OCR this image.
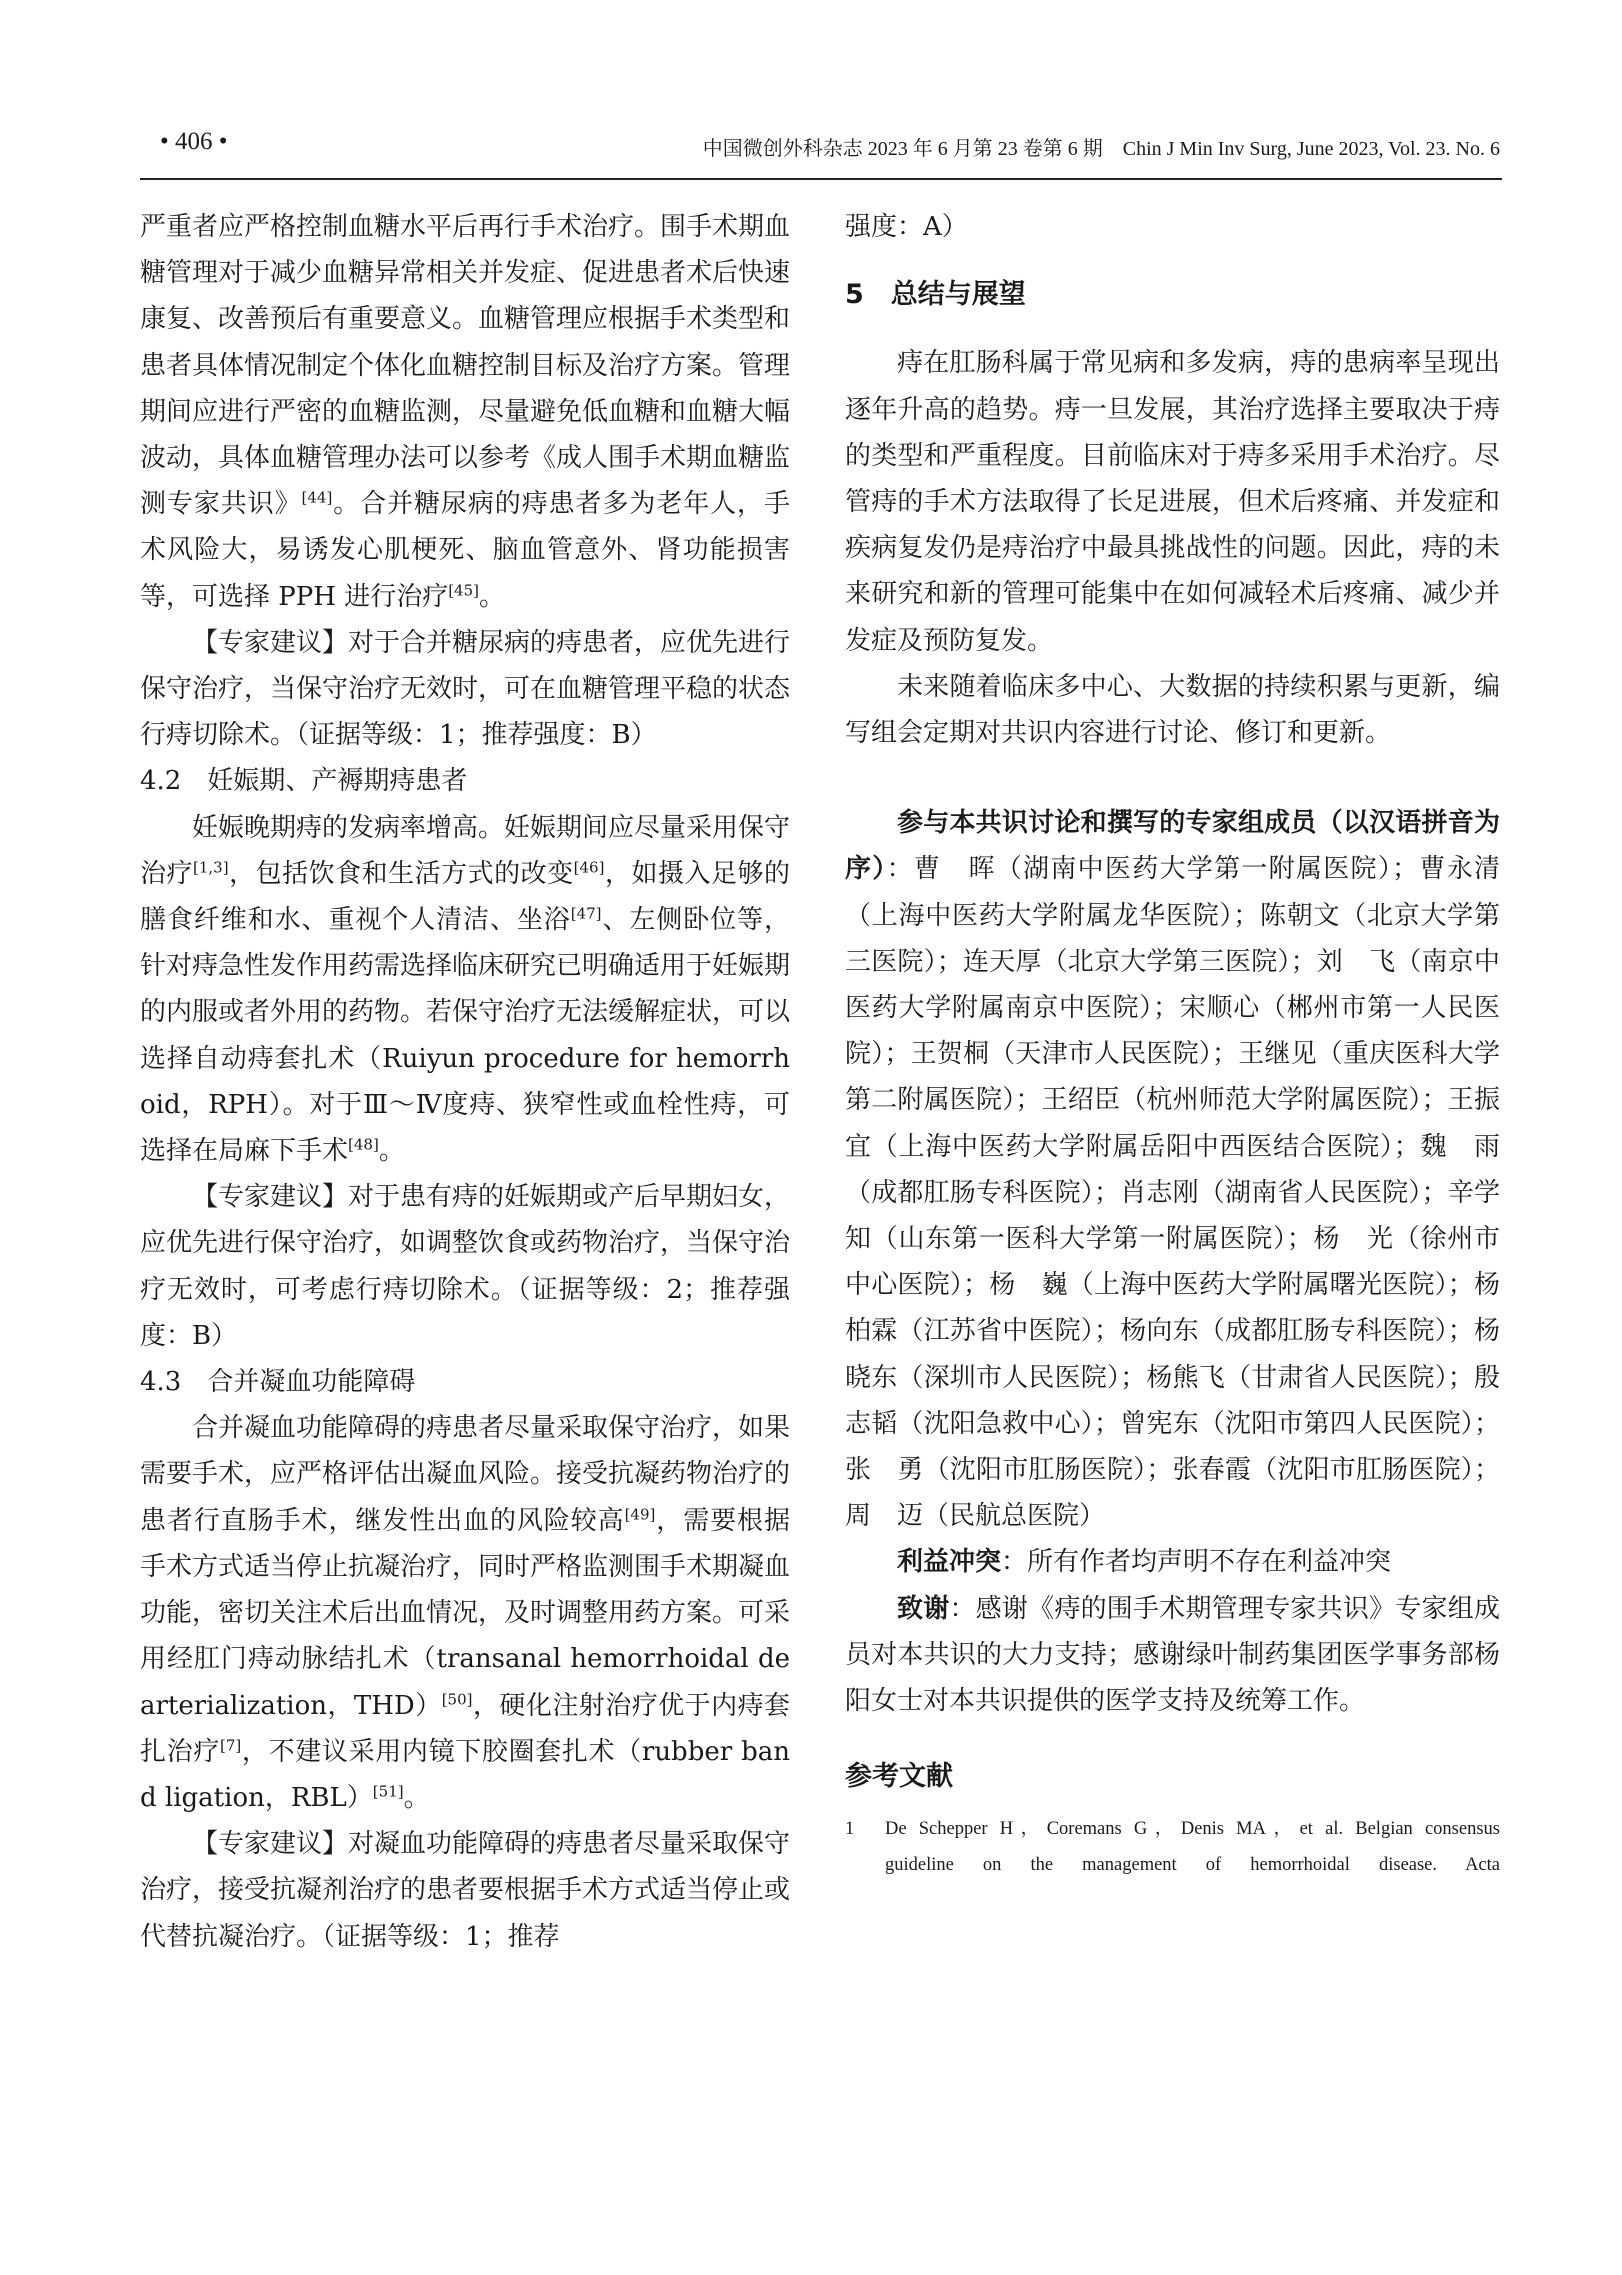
• 406 •	中国微创外科杂志 2023 年 6 月第 23 卷第 6 期　Chin J Min Inv Surg, June 2023, Vol. 23. No. 6

严重者应严格控制血糖水平后再行手术治疗。围手术期血糖管理对于减少血糖异常相关并发症、促进患者术后快速康复、改善预后有重要意义。血糖管理应根据手术类型和患者具体情况制定个体化血糖控制目标及治疗方案。管理期间应进行严密的血糖监测，尽量避免低血糖和血糖大幅波动，具体血糖管理办法可以参考《成人围手术期血糖监测专家共识》[44]。合并糖尿病的痔患者多为老年人，手术风险大，易诱发心肌梗死、脑血管意外、肾功能损害等，可选择 PPH 进行治疗[45]。

【专家建议】对于合并糖尿病的痔患者，应优先进行保守治疗，当保守治疗无效时，可在血糖管理平稳的状态行痔切除术。（证据等级：1；推荐强度：B）

4.2　妊娠期、产褥期痔患者

妊娠晚期痔的发病率增高。妊娠期间应尽量采用保守治疗[1,3]，包括饮食和生活方式的改变[46]，如摄入足够的膳食纤维和水、重视个人清洁、坐浴[47]、左侧卧位等，针对痔急性发作用药需选择临床研究已明确适用于妊娠期的内服或者外用的药物。若保守治疗无法缓解症状，可以选择自动痔套扎术（Ruiyun procedure for hemorrhoid，RPH）。对于Ⅲ～Ⅳ度痔、狭窄性或血栓性痔，可选择在局麻下手术[48]。

【专家建议】对于患有痔的妊娠期或产后早期妇女，应优先进行保守治疗，如调整饮食或药物治疗，当保守治疗无效时，可考虑行痔切除术。（证据等级：2；推荐强度：B）

4.3　合并凝血功能障碍

合并凝血功能障碍的痔患者尽量采取保守治疗，如果需要手术，应严格评估出凝血风险。接受抗凝药物治疗的患者行直肠手术，继发性出血的风险较高[49]，需要根据手术方式适当停止抗凝治疗，同时严格监测围手术期凝血功能，密切关注术后出血情况，及时调整用药方案。可采用经肛门痔动脉结扎术（transanal hemorrhoidal dearterialization，THD）[50]，硬化注射治疗优于内痔套扎治疗[7]，不建议采用内镜下胶圈套扎术（rubber band ligation，RBL）[51]。

【专家建议】对凝血功能障碍的痔患者尽量采取保守治疗，接受抗凝剂治疗的患者要根据手术方式适当停止或代替抗凝治疗。（证据等级：1；推荐

强度：A）

5　总结与展望

痔在肛肠科属于常见病和多发病，痔的患病率呈现出逐年升高的趋势。痔一旦发展，其治疗选择主要取决于痔的类型和严重程度。目前临床对于痔多采用手术治疗。尽管痔的手术方法取得了长足进展，但术后疼痛、并发症和疾病复发仍是痔治疗中最具挑战性的问题。因此，痔的未来研究和新的管理可能集中在如何减轻术后疼痛、减少并发症及预防复发。

未来随着临床多中心、大数据的持续积累与更新，编写组会定期对共识内容进行讨论、修订和更新。

参与本共识讨论和撰写的专家组成员（以汉语拼音为序）：曹　晖（湖南中医药大学第一附属医院）；曹永清（上海中医药大学附属龙华医院）；陈朝文（北京大学第三医院）；连天厚（北京大学第三医院）；刘　飞（南京中医药大学附属南京中医院）；宋顺心（郴州市第一人民医院）；王贺桐（天津市人民医院）；王继见（重庆医科大学第二附属医院）；王绍臣（杭州师范大学附属医院）；王振宜（上海中医药大学附属岳阳中西医结合医院）；魏　雨（成都肛肠专科医院）；肖志刚（湖南省人民医院）；辛学知（山东第一医科大学第一附属医院）；杨　光（徐州市中心医院）；杨　巍（上海中医药大学附属曙光医院）；杨柏霖（江苏省中医院）；杨向东（成都肛肠专科医院）；杨晓东（深圳市人民医院）；杨熊飞（甘肃省人民医院）；殷志韬（沈阳急救中心）；曾宪东（沈阳市第四人民医院）；张　勇（沈阳市肛肠医院）；张春霞（沈阳市肛肠医院）；周　迈（民航总医院）

利益冲突：所有作者均声明不存在利益冲突

致谢：感谢《痔的围手术期管理专家共识》专家组成员对本共识的大力支持；感谢绿叶制药集团医学事务部杨阳女士对本共识提供的医学支持及统筹工作。

参考文献
1	De Schepper H，Coremans G，Denis MA，et al. Belgian consensus
guideline on the management of hemorrhoidal disease. Acta
